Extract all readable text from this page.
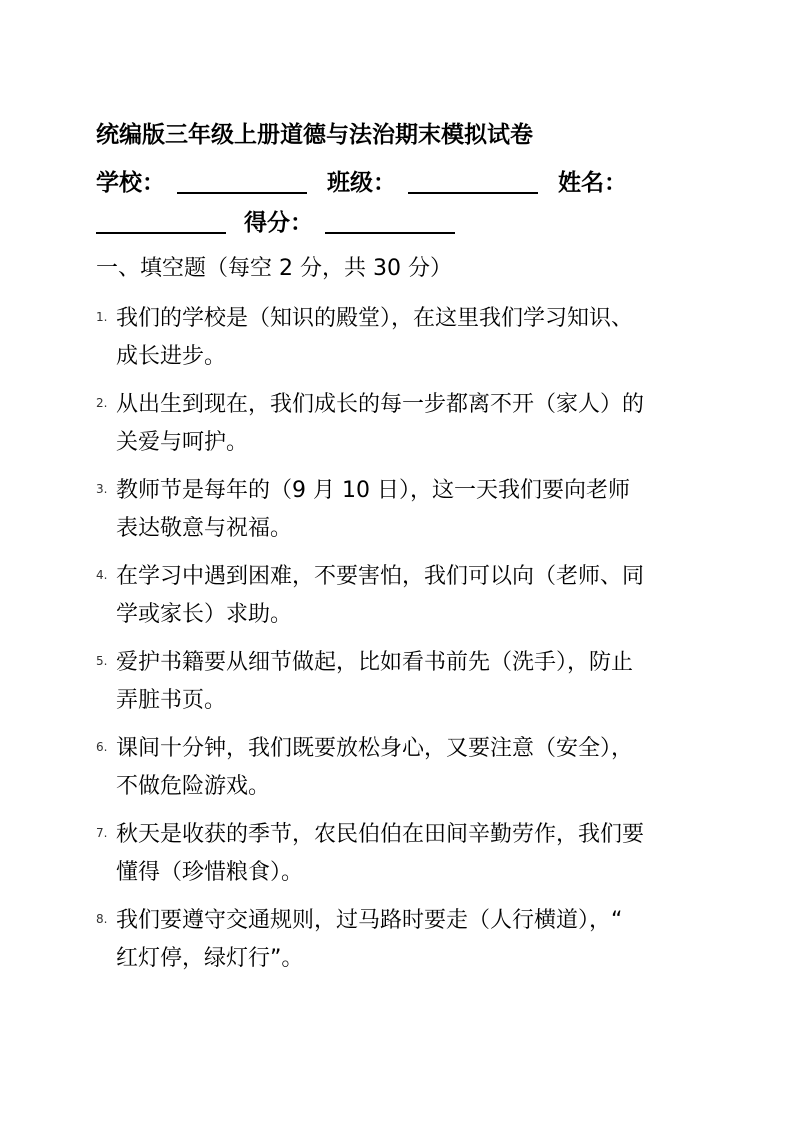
统编版三年级上册道德与法治期末模拟试卷
学校：	班级：	姓名：
得分：
一、填空题（每空 2 分，共 30 分）
1. 我们的学校是（知识的殿堂），在这里我们学习知识、
成长进步。
2. 从出生到现在，我们成长的每一步都离不开（家人）的
关爱与呵护。
3. 教师节是每年的（9 月 10 日），这一天我们要向老师
表达敬意与祝福。
4. 在学习中遇到困难，不要害怕，我们可以向（老师、同
学或家长）求助。
5. 爱护书籍要从细节做起，比如看书前先（洗手），防止
弄脏书页。
6. 课间十分钟，我们既要放松身心，又要注意（安全），
不做危险游戏。
7. 秋天是收获的季节，农民伯伯在田间辛勤劳作，我们要
懂得（珍惜粮食）。
8. 我们要遵守交通规则，过马路时要走（人行横道），“
红灯停，绿灯行”。
